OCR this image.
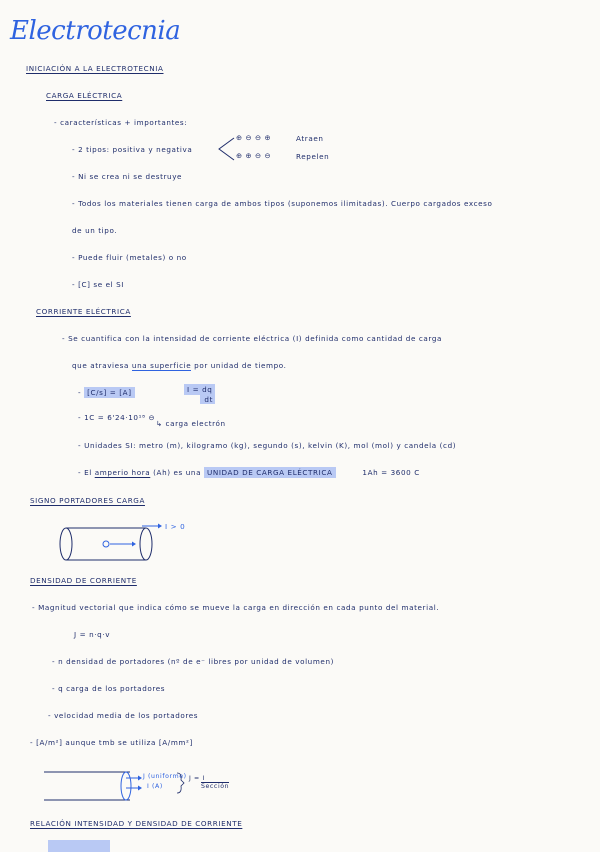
Electrotecnia
INICIACIÓN A LA ELECTROTECNIA
CARGA ELÉCTRICA
- características + importantes:
- 2 tipos: positiva y negativa
⊕ ⊖ ⊖ ⊕	Atraen
⊕ ⊕ ⊖ ⊖	Repelen
- Ni se crea ni se destruye
- Todos los materiales tienen carga de ambos tipos (suponemos ilimitadas). Cuerpo cargados exceso
de un tipo.
- Puede fluir (metales) o no
- [C] se el SI
CORRIENTE ELÉCTRICA
- Se cuantifica con la intensidad de corriente eléctrica (I) definida como cantidad de carga
que atraviesa una superficie por unidad de tiempo.
- [C/s] = [A]	I = dq
dt
- 1C = 6'24·10¹⁸ ⊖
↳ carga electrón
- Unidades SI: metro (m), kilogramo (kg), segundo (s), kelvin (K), mol (mol) y candela (cd)
- El amperio hora (Ah) es una UNIDAD DE CARGA ELÉCTRICA	1Ah = 3600 C
SIGNO PORTADORES CARGA
I > 0
DENSIDAD DE CORRIENTE
- Magnitud vectorial que indica cómo se mueve la carga en dirección en cada punto del material.
J = n·q·v
- n densidad de portadores (nº de e⁻ libres por unidad de volumen)
- q carga de los portadores
- velocidad media de los portadores
- [A/m²] aunque tmb se utiliza [A/mm²]
J (uniforme)
I (A)
J = I
Sección
RELACIÓN INTENSIDAD Y DENSIDAD DE CORRIENTE
